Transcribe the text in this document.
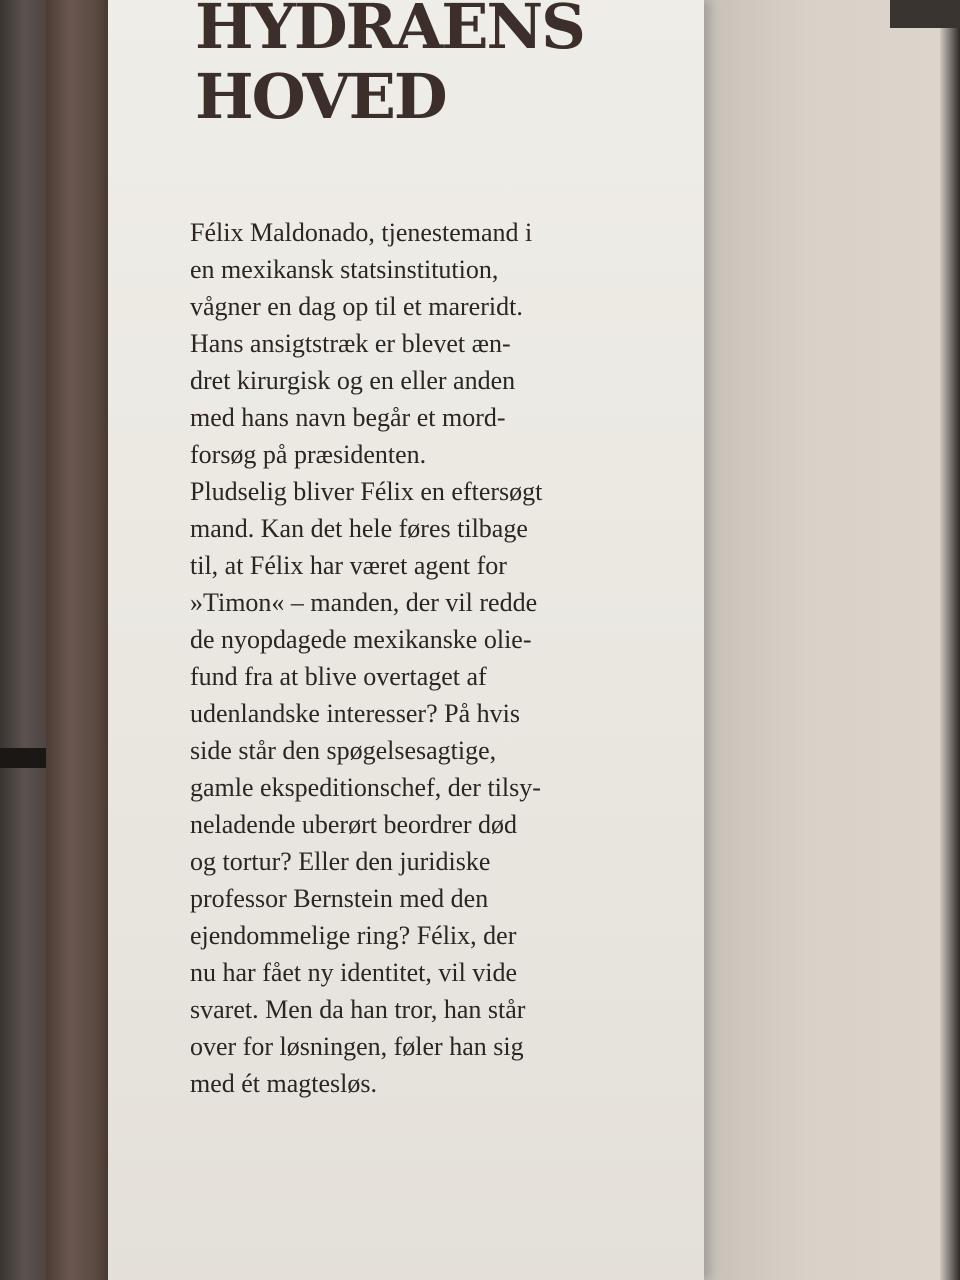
HYDRAENS
HOVED

Félix Maldonado, tjenestemand i
en mexikansk statsinstitution,
vågner en dag op til et mareridt.
Hans ansigtstræk er blevet æn-
dret kirurgisk og en eller anden
med hans navn begår et mord-
forsøg på præsidenten.
Pludselig bliver Félix en eftersøgt
mand. Kan det hele føres tilbage
til, at Félix har været agent for
»Timon« – manden, der vil redde
de nyopdagede mexikanske olie-
fund fra at blive overtaget af
udenlandske interesser? På hvis
side står den spøgelsesagtige,
gamle ekspeditionschef, der tilsy-
neladende uberørt beordrer død
og tortur? Eller den juridiske
professor Bernstein med den
ejendommelige ring? Félix, der
nu har fået ny identitet, vil vide
svaret. Men da han tror, han står
over for løsningen, føler han sig
med ét magtesløs.
